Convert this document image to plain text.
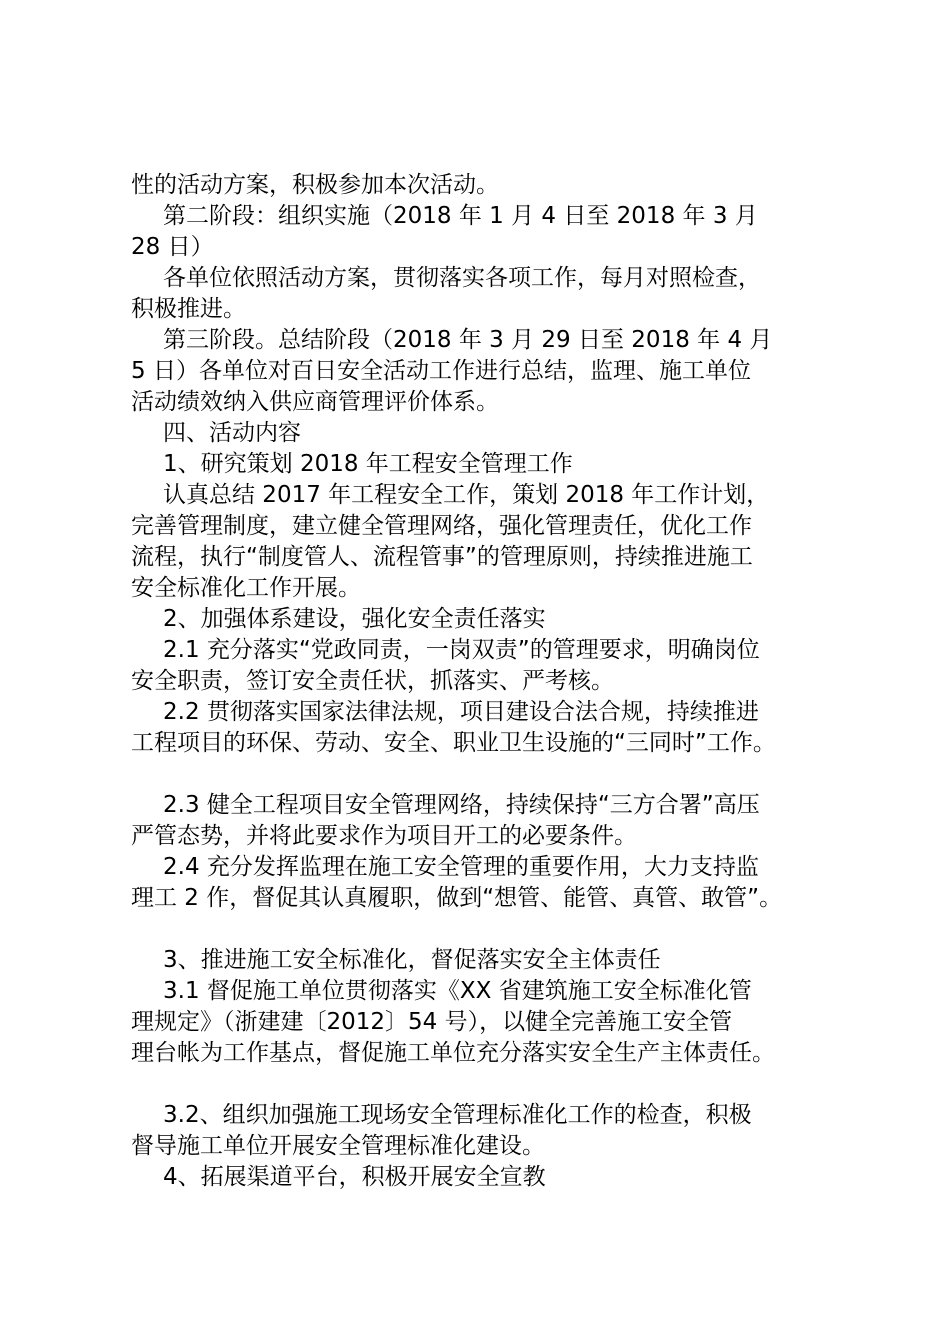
性的活动方案，积极参加本次活动。

第二阶段：组织实施（2018 年 1 月 4 日至 2018 年 3 月

28 日）

各单位依照活动方案，贯彻落实各项工作，每月对照检查，

积极推进。

第三阶段。总结阶段（2018 年 3 月 29 日至 2018 年 4 月

5 日）各单位对百日安全活动工作进行总结，监理、施工单位

活动绩效纳入供应商管理评价体系。

四、活动内容

1、研究策划 2018 年工程安全管理工作

认真总结 2017 年工程安全工作，策划 2018 年工作计划，

完善管理制度，建立健全管理网络，强化管理责任，优化工作

流程，执行“制度管人、流程管事”的管理原则，持续推进施工

安全标准化工作开展。

2、加强体系建设，强化安全责任落实

2.1 充分落实“党政同责，一岗双责”的管理要求，明确岗位

安全职责，签订安全责任状，抓落实、严考核。

2.2 贯彻落实国家法律法规，项目建设合法合规，持续推进

工程项目的环保、劳动、安全、职业卫生设施的“三同时”工作。

2.3 健全工程项目安全管理网络，持续保持“三方合署”高压

严管态势，并将此要求作为项目开工的必要条件。

2.4 充分发挥监理在施工安全管理的重要作用，大力支持监

理工 2 作，督促其认真履职，做到“想管、能管、真管、敢管”。

3、推进施工安全标准化，督促落实安全主体责任

3.1 督促施工单位贯彻落实《XX 省建筑施工安全标准化管

理规定》（浙建建〔2012〕54 号），以健全完善施工安全管

理台帐为工作基点，督促施工单位充分落实安全生产主体责任。

3.2、组织加强施工现场安全管理标准化工作的检查，积极

督导施工单位开展安全管理标准化建设。

4、拓展渠道平台，积极开展安全宣教
